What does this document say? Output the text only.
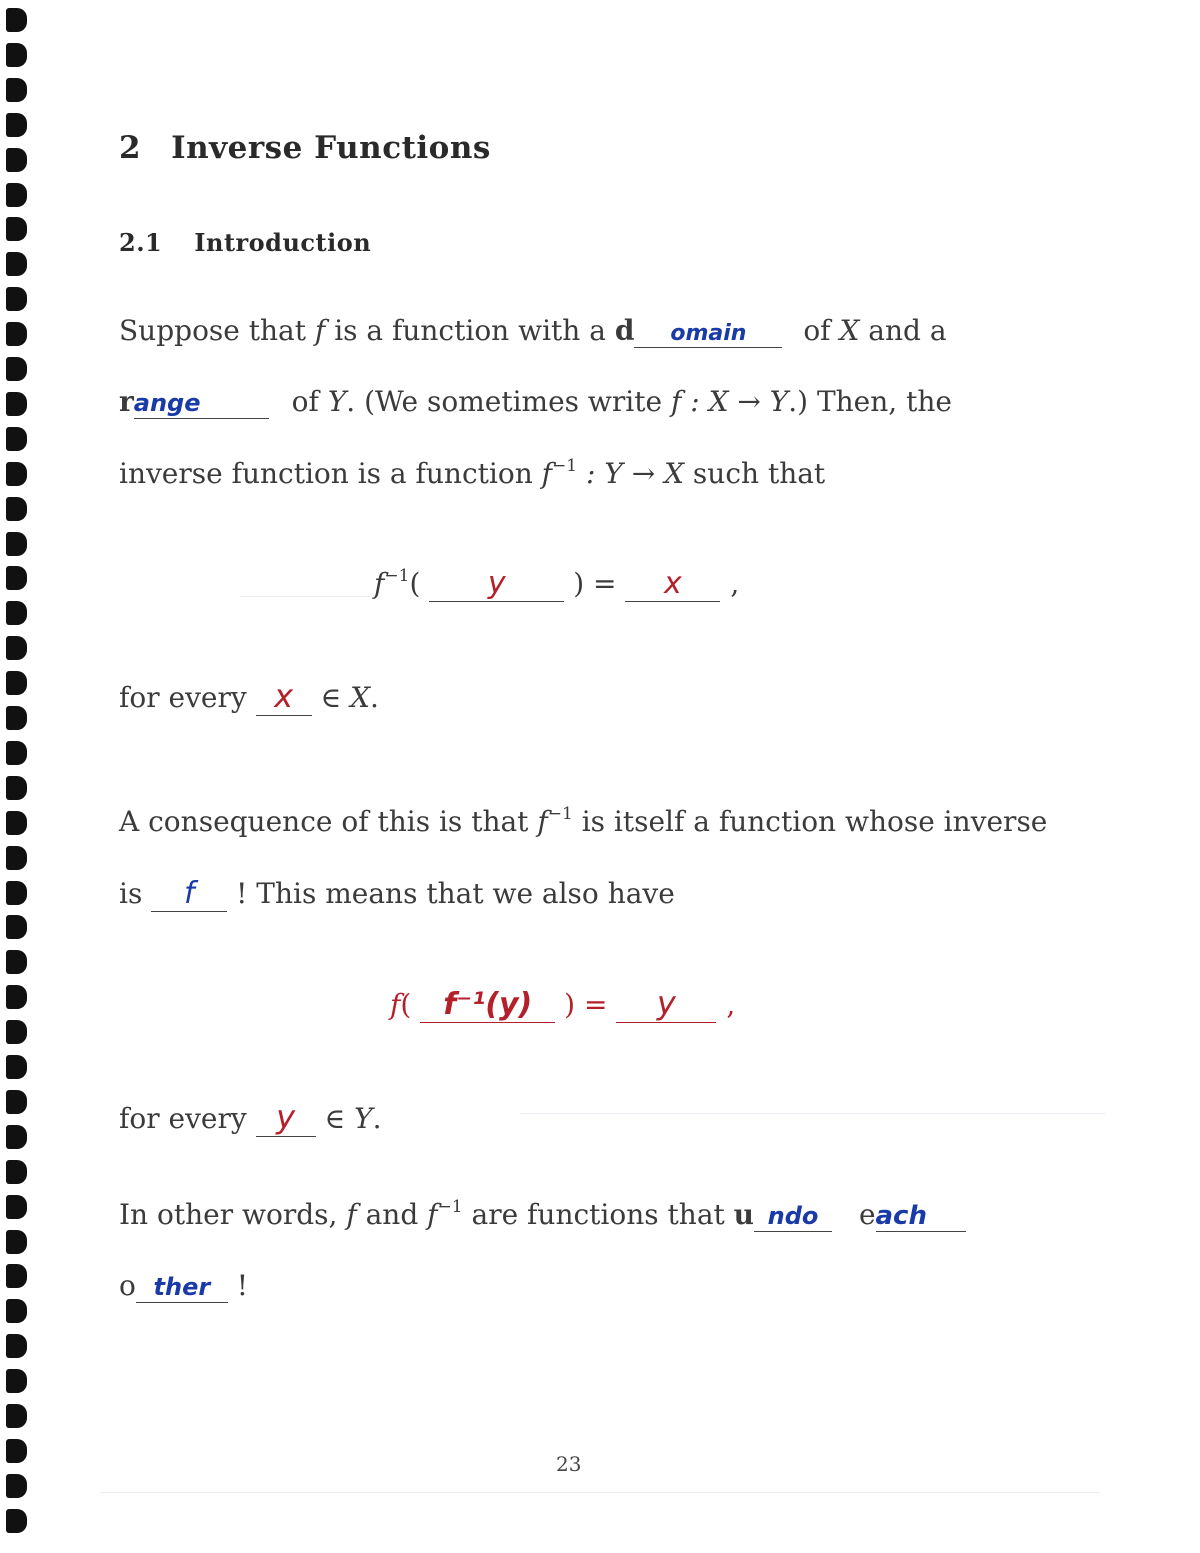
2 Inverse Functions
2.1 Introduction
Suppose that f is a function with a d omain of X and a
range	of Y. (We sometimes write f : X → Y.) Then, the
inverse function is a function $f^{-1}$ : Y → X such that
$f^{-1}$( y ) = x ,
for every x ∈ X.
A consequence of this is that $f^{-1}$ is itself a function whose inverse
is f ! This means that we also have
f( f⁻¹(y) ) = y ,
for every y ∈ Y.
In other words, f and $f^{-1}$ are functions that u ndo each
o ther !
23
